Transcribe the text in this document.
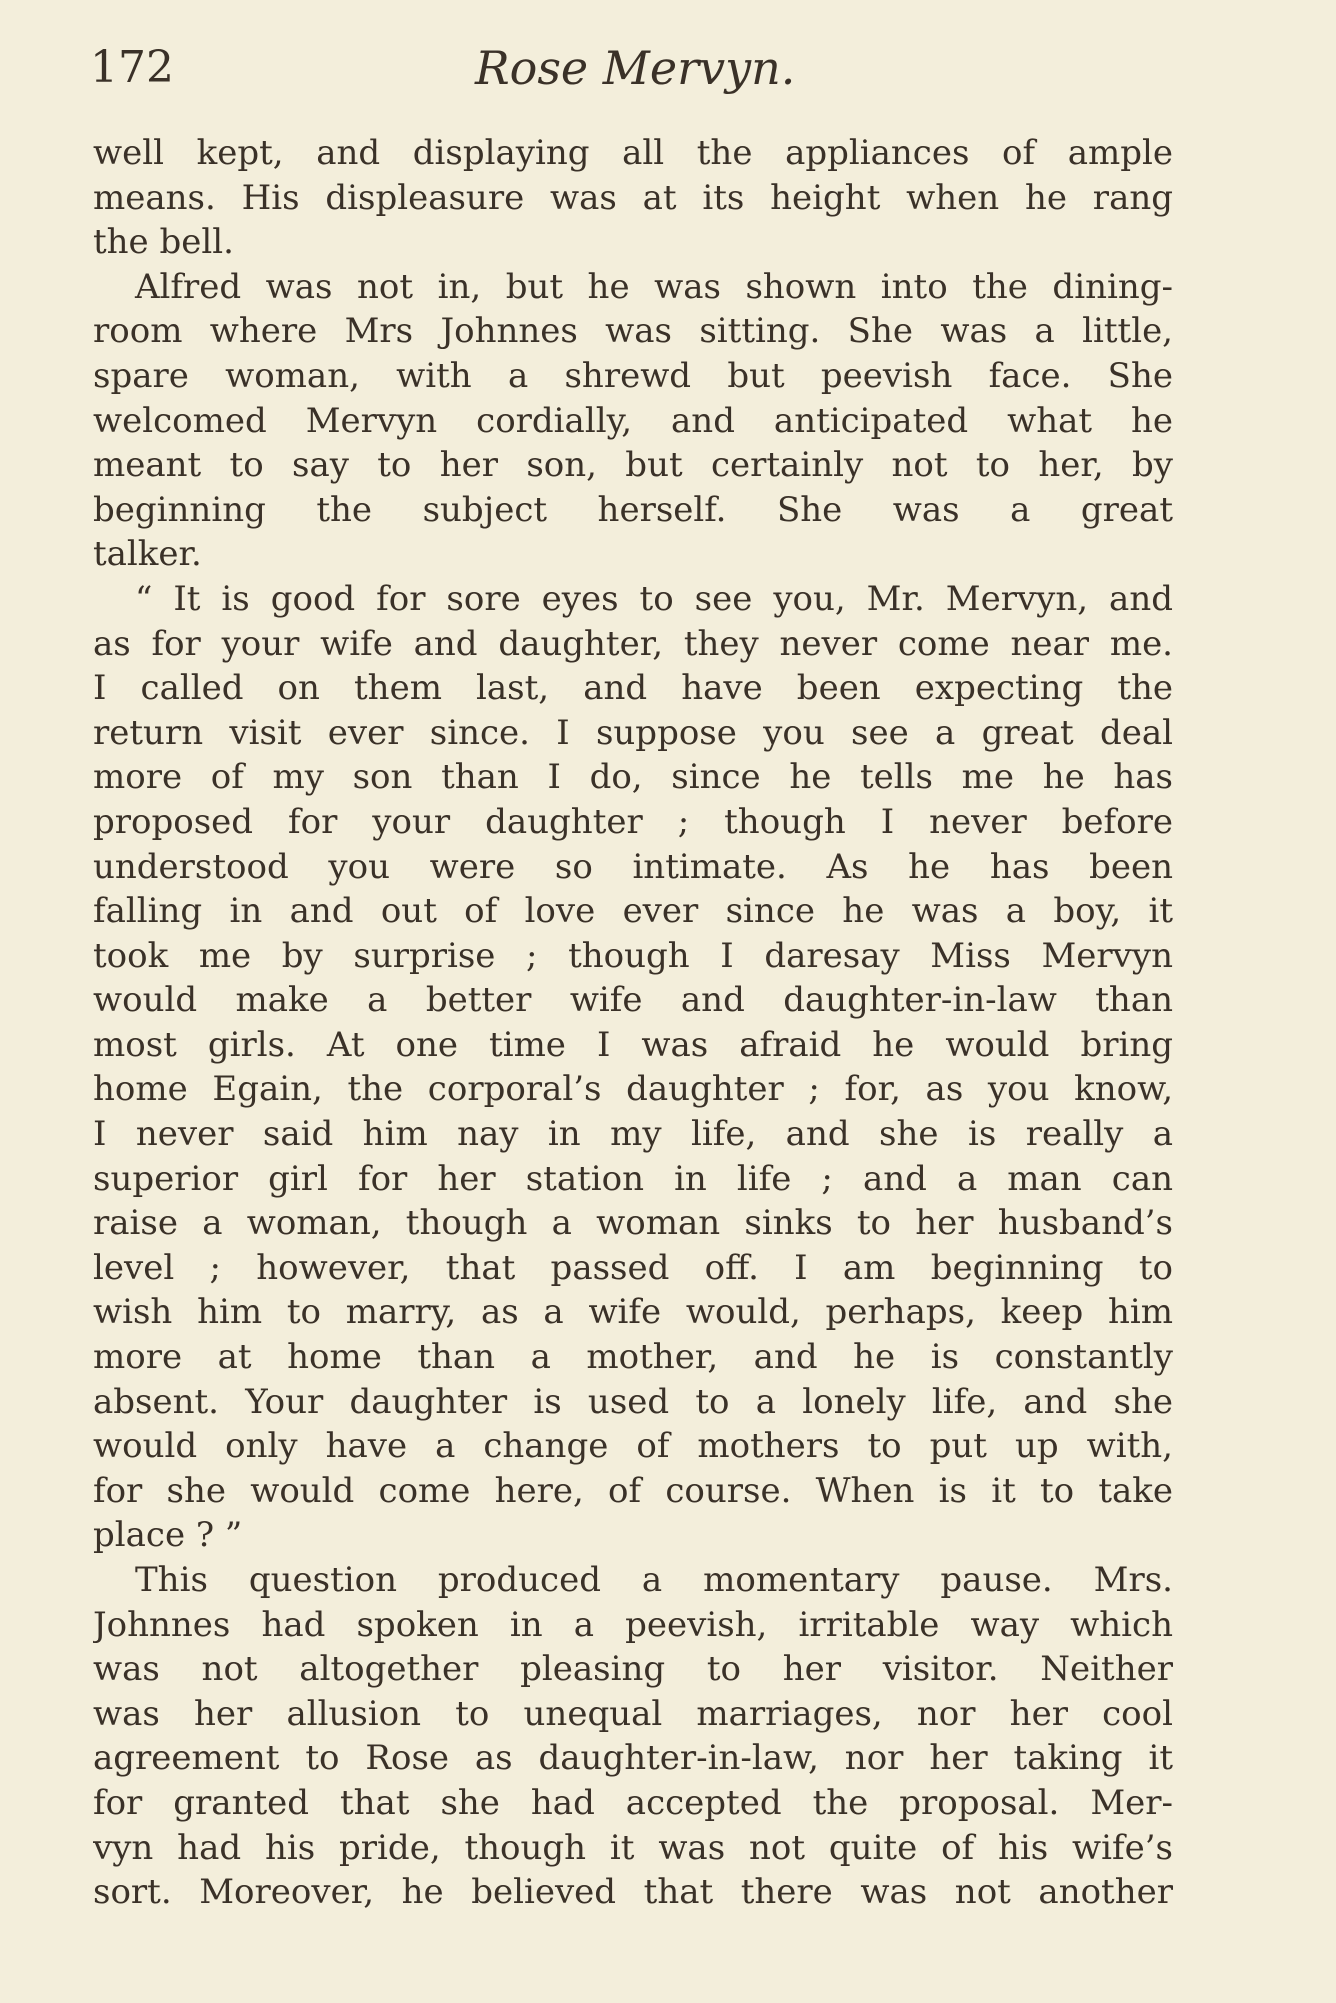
172	Rose Mervyn.
well kept, and displaying all the appliances of ample
means. His displeasure was at its height when he rang
the bell.
Alfred was not in, but he was shown into the dining-
room where Mrs Johnnes was sitting. She was a little,
spare woman, with a shrewd but peevish face. She
welcomed Mervyn cordially, and anticipated what he
meant to say to her son, but certainly not to her, by
beginning the subject herself. She was a great
talker.
“ It is good for sore eyes to see you, Mr. Mervyn, and
as for your wife and daughter, they never come near me.
I called on them last, and have been expecting the
return visit ever since. I suppose you see a great deal
more of my son than I do, since he tells me he has
proposed for your daughter ; though I never before
understood you were so intimate. As he has been
falling in and out of love ever since he was a boy, it
took me by surprise ; though I daresay Miss Mervyn
would make a better wife and daughter-in-law than
most girls. At one time I was afraid he would bring
home Egain, the corporal’s daughter ; for, as you know,
I never said him nay in my life, and she is really a
superior girl for her station in life ; and a man can
raise a woman, though a woman sinks to her husband’s
level ; however, that passed off. I am beginning to
wish him to marry, as a wife would, perhaps, keep him
more at home than a mother, and he is constantly
absent. Your daughter is used to a lonely life, and she
would only have a change of mothers to put up with,
for she would come here, of course. When is it to take
place ? ”
This question produced a momentary pause. Mrs.
Johnnes had spoken in a peevish, irritable way which
was not altogether pleasing to her visitor. Neither
was her allusion to unequal marriages, nor her cool
agreement to Rose as daughter-in-law, nor her taking it
for granted that she had accepted the proposal. Mer-
vyn had his pride, though it was not quite of his wife’s
sort. Moreover, he believed that there was not another
